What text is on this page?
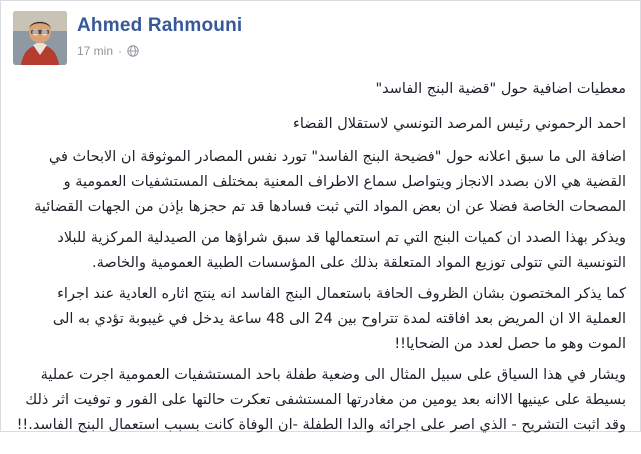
Ahmed Rahmouni
17 min ·

معطيات اضافية حول "قضية البنج الفاسد"

احمد الرحموني رئيس المرصد التونسي لاستقلال القضاء

اضافة الى ما سبق اعلانه حول "فضيحة البنج الفاسد" تورد نفس المصادر الموثوقة ان الابحاث في القضية هي الان بصدد الانجاز ويتواصل سماع الاطراف المعنية بمختلف المستشفيات العمومية و المصحات الخاصة فضلا عن ان بعض المواد التي ثبت فسادها قد تم حجزها بإذن من الجهات القضائية

ويذكر بهذا الصدد ان كميات البنج التي تم استعمالها قد سبق شراؤها من الصيدلية المركزية للبلاد التونسية التي تتولى توزيع المواد المتعلقة بذلك على المؤسسات الطبية العمومية والخاصة.

كما يذكر المختصون بشان الظروف الحافة باستعمال البنج الفاسد انه ينتج اثاره العادية عند اجراء العملية الا ان المريض بعد افاقته لمدة تتراوح بين 24 الى 48 ساعة يدخل في غيبوبة تؤدي به الى الموت وهو ما حصل لعدد من الضحايا!!

ويشار في هذا السياق على سبيل المثال الى وضعية طفلة باحد المستشفيات العمومية اجرت عملية بسيطة على عينيها الاانه بعد يومين من مغادرتها المستشفى تعكرت حالتها على الفور و توفيت اثر ذلك وقد اثبت التشريح - الذي اصر على اجرائه والدا الطفلة -ان الوفاة كانت بسبب استعمال البنج الفاسد.!!
